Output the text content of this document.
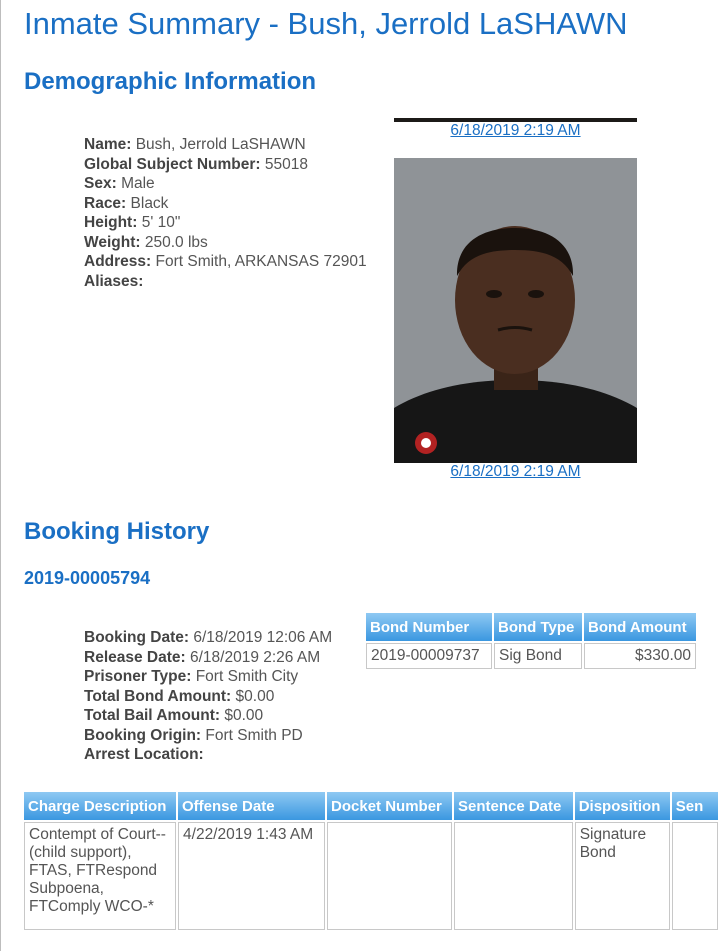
Inmate Summary - Bush, Jerrold LaSHAWN
Demographic Information
Name: Bush, Jerrold LaSHAWN
Global Subject Number: 55018
Sex: Male
Race: Black
Height: 5' 10"
Weight: 250.0 lbs
Address: Fort Smith, ARKANSAS 72901
Aliases:
6/18/2019 2:19 AM
6/18/2019 2:19 AM
Booking History
2019-00005794
Booking Date: 6/18/2019 12:06 AM
Release Date: 6/18/2019 2:26 AM
Prisoner Type: Fort Smith City
Total Bond Amount: $0.00
Total Bail Amount: $0.00
Booking Origin: Fort Smith PD
Arrest Location:
Bond Number	Bond Type	Bond Amount
2019-00009737	Sig Bond	$330.00
Charge Description	Offense Date	Docket Number	Sentence Date	Disposition	Sen
Contempt of Court--(child support), FTAS, FTRespond Subpoena, FTComply WCO-*	4/22/2019 1:43 AM			Signature Bond	
